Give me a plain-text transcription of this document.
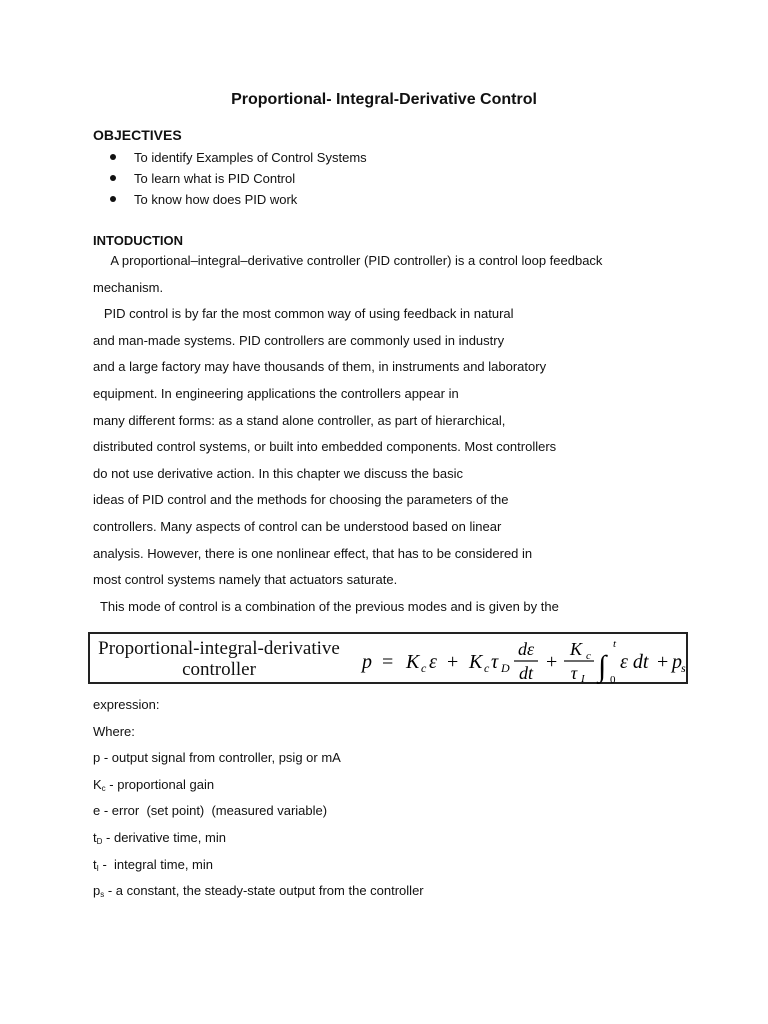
Proportional- Integral-Derivative Control
OBJECTIVES
To identify Examples of Control Systems
To learn what is PID Control
To know how does PID work
INTODUCTION
A proportional–integral–derivative controller (PID controller) is a control loop feedback
mechanism.
PID control is by far the most common way of using feedback in natural
and man-made systems. PID controllers are commonly used in industry
and a large factory may have thousands of them, in instruments and laboratory
equipment. In engineering applications the controllers appear in
many different forms: as a stand alone controller, as part of hierarchical,
distributed control systems, or built into embedded components. Most controllers
do not use derivative action. In this chapter we discuss the basic
ideas of PID control and the methods for choosing the parameters of the
controllers. Many aspects of control can be understood based on linear
analysis. However, there is one nonlinear effect, that has to be considered in
most control systems namely that actuators saturate.
This mode of control is a combination of the previous modes and is given by the
Proportional-integral-derivative
controller	p = K c ε + K c τ D
dε
dt +
K c
τ I ∫
t
0
ε dt + p s
expression:
Where:
p - output signal from controller, psig or mA
$K_c$ - proportional gain
e - error  (set point)  (measured variable)
$t_D$ - derivative time, min
$t_I$ -  integral time, min
$p_s$ - a constant, the steady-state output from the controller
